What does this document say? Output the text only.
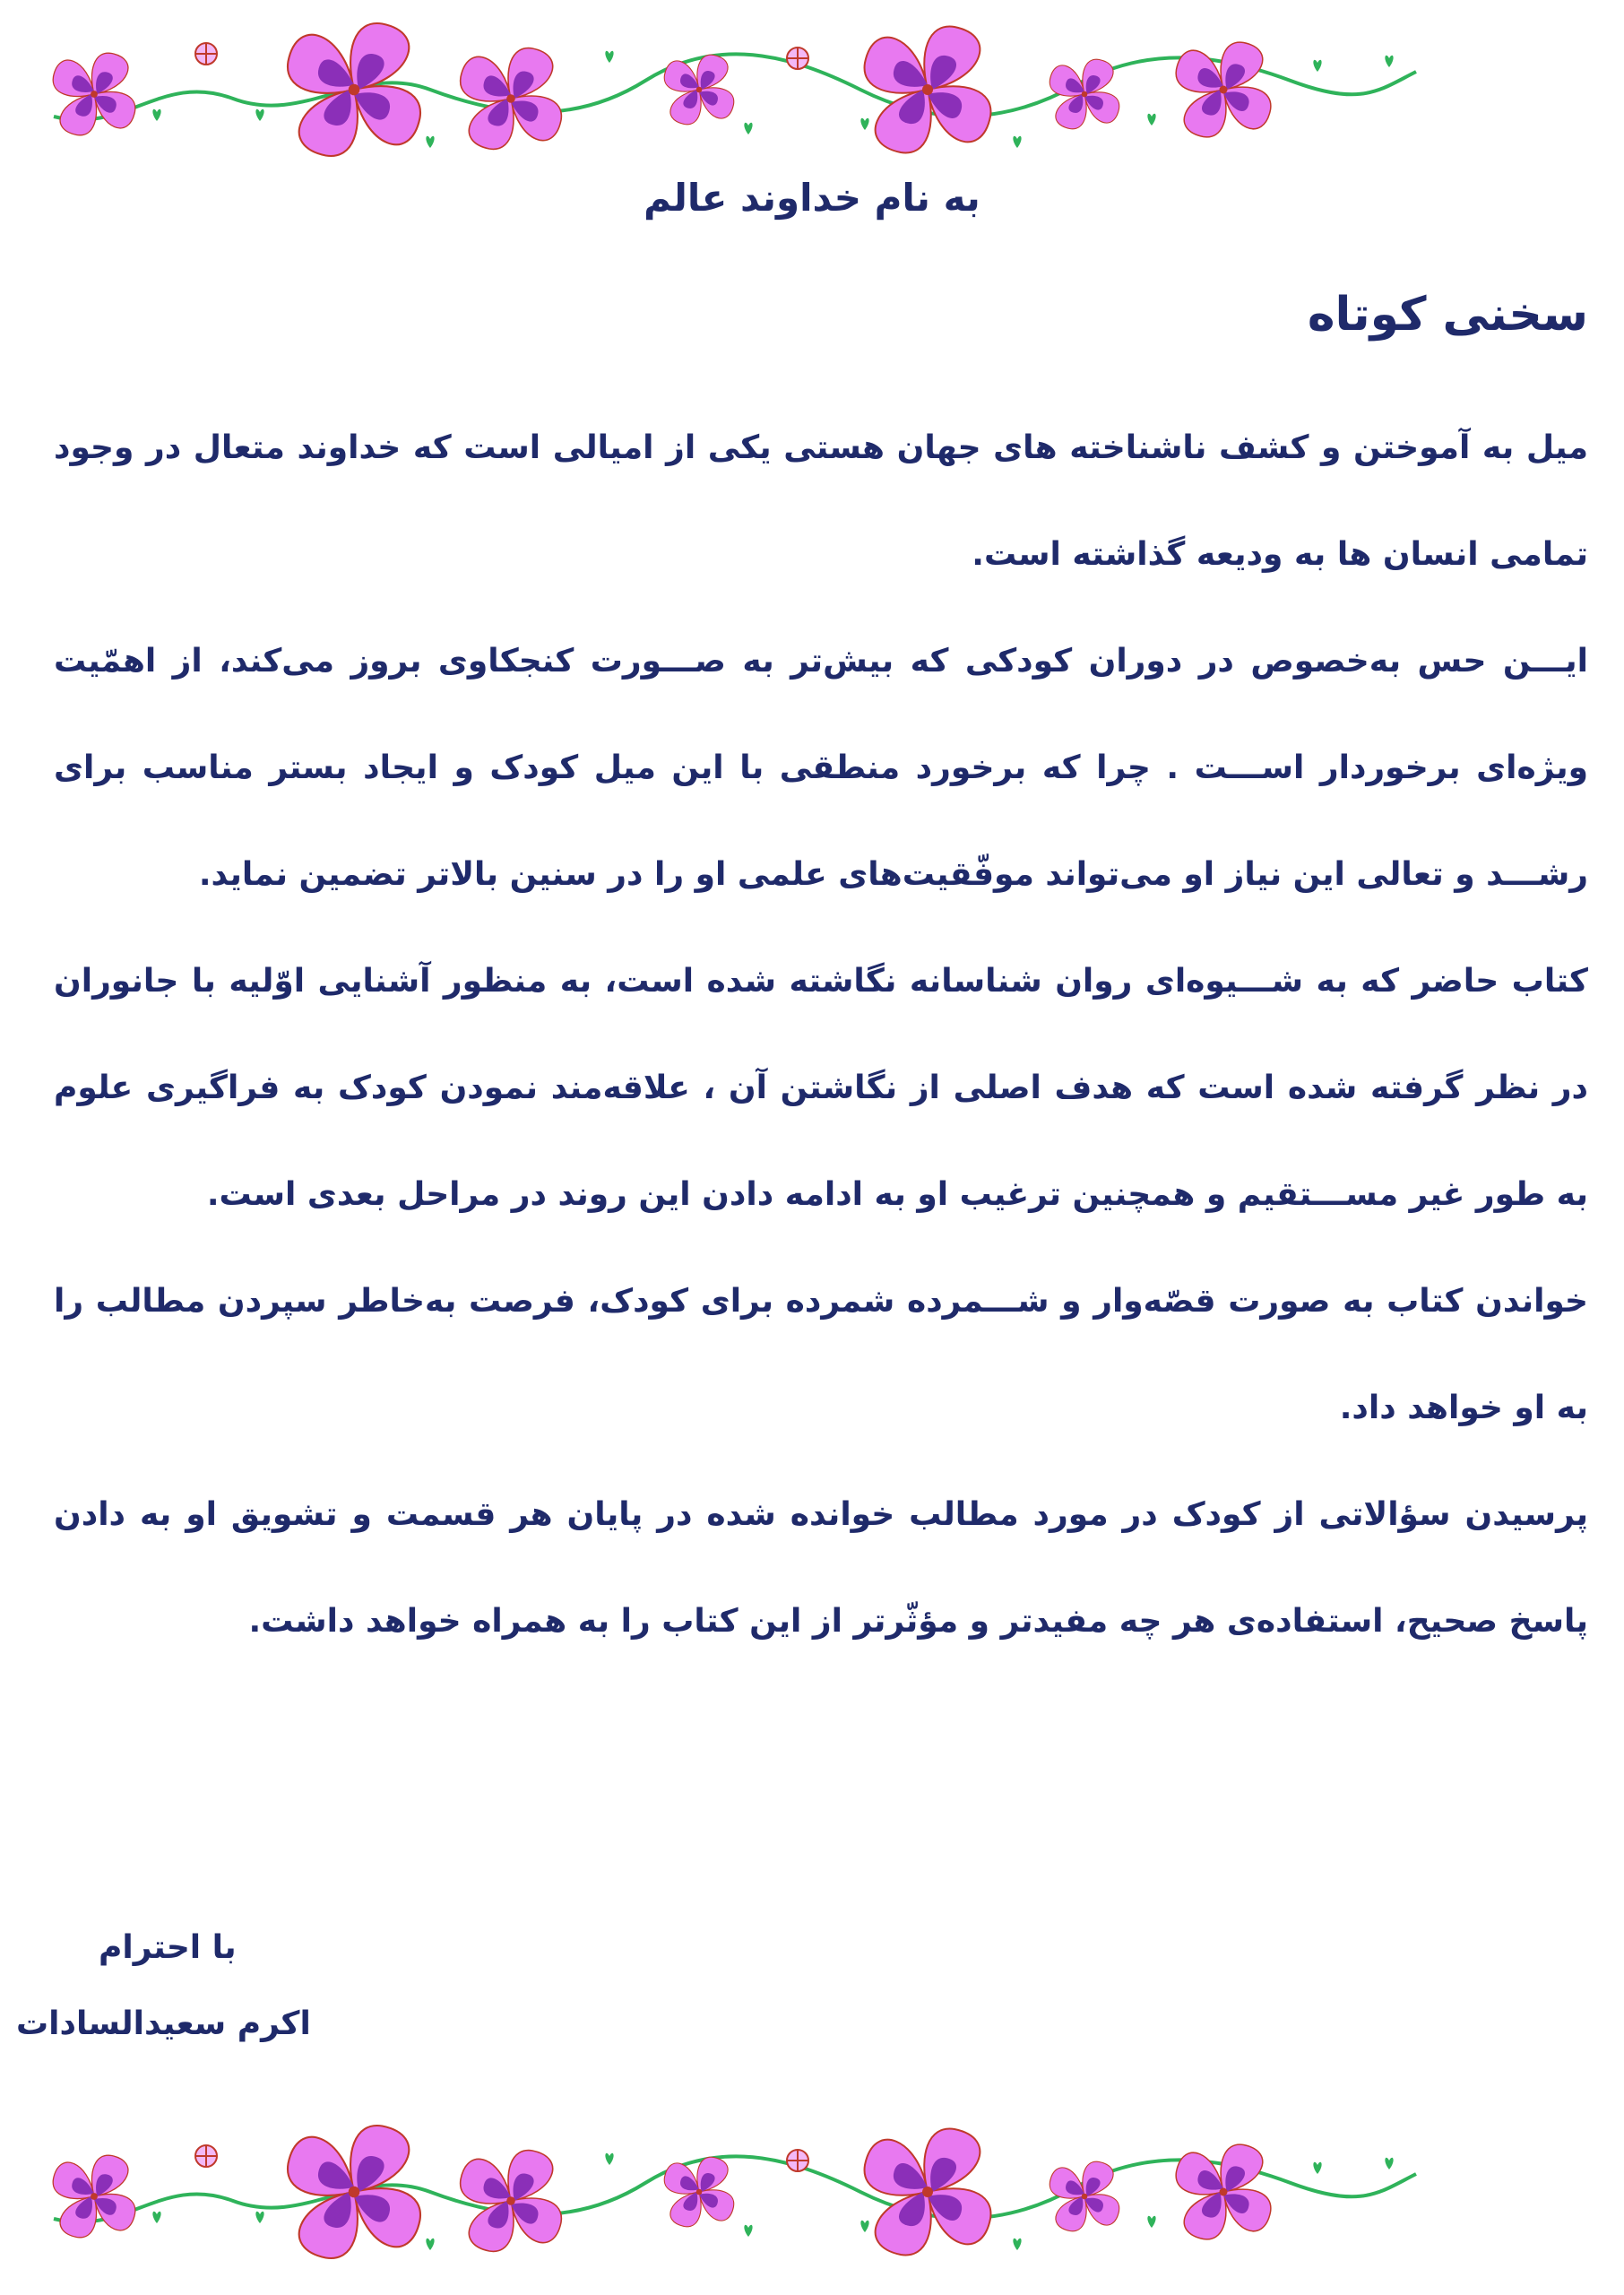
به نام خداوند عالم
سخنی کوتاه

میل به آموختن و کشف ناشناخته های جهان هستی یکی از امیالی است که خداوند متعال در وجود تمامی انسان ها به ودیعه گذاشته است.

ایـــن حس به‌خصوص در دوران کودکی که بیش‌تر به صـــورت کنجکاوی بروز می‌کند، از اهمّیت ویژه‌ای برخوردار اســـت . چرا که برخورد منطقی با این میل کودک و ایجاد بستر مناسب برای رشـــد و تعالی این نیاز او می‌تواند موفّقیت‌های علمی او را در سنین بالاتر تضمین نماید.

کتاب حاضر که به شـــیوه‌ای روان شناسانه نگاشته شده است، به منظور آشنایی اوّلیه با جانوران در نظر گرفته شده است که هدف اصلی از نگاشتن آن ، علاقه‌مند نمودن کودک به فراگیری علوم به طور غیر مســـتقیم و همچنین ترغیب او به ادامه دادن این روند در مراحل بعدی است.

خواندن کتاب به صورت قصّه‌وار و شـــمرده شمرده برای کودک، فرصت به‌خاطر سپردن مطالب را به او خواهد داد.

پرسیدن سؤالاتی از کودک در مورد مطالب خوانده شده در پایان هر قسمت و تشویق او به دادن پاسخ صحیح، استفاده‌ی هر چه مفیدتر و مؤثّرتر از این کتاب را به همراه خواهد داشت.

با احترام
اکرم سعیدالسادات
